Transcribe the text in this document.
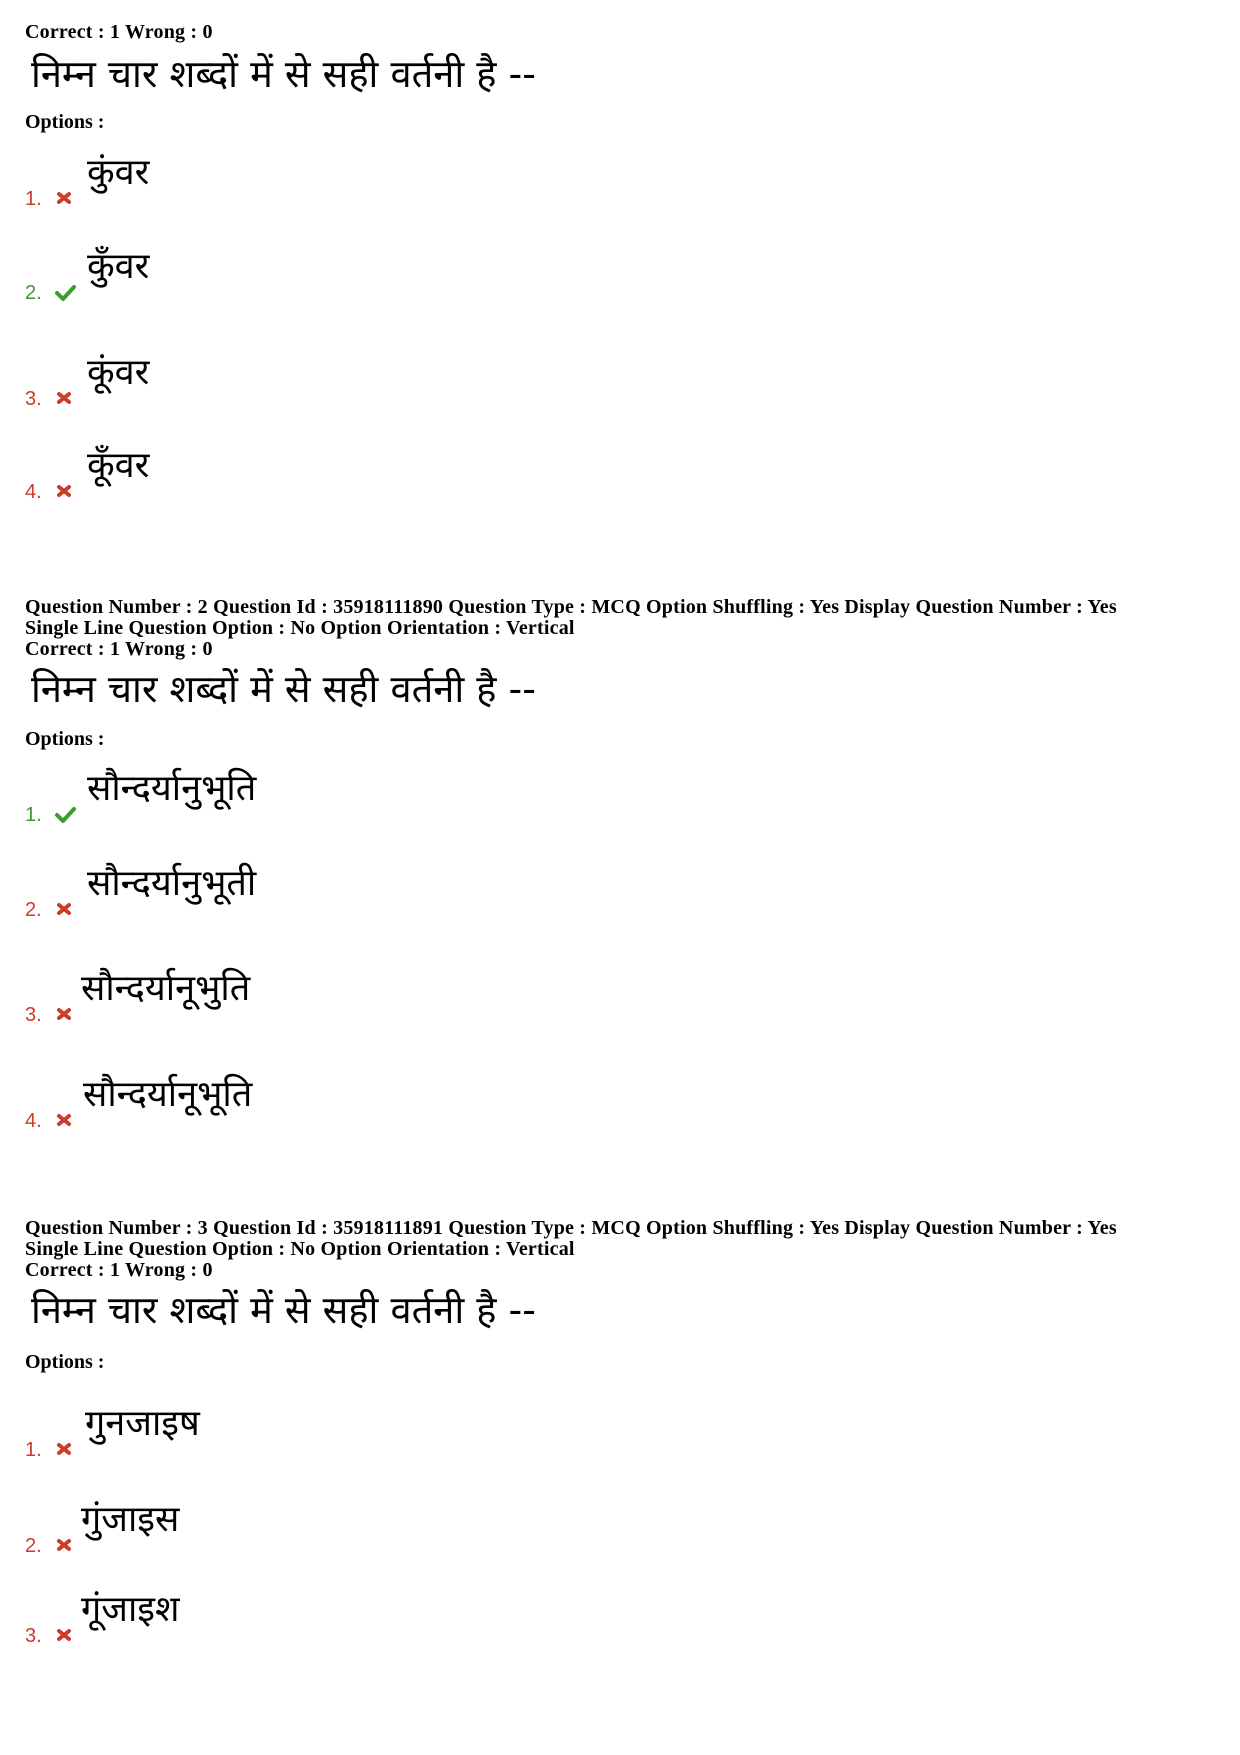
Correct : 1 Wrong : 0
निम्न चार शब्दों में से सही वर्तनी है --
Options :
1.
कुंवर
2.
कुँवर
3.
कूंवर
4.
कूँवर
Question Number : 2 Question Id : 35918111890 Question Type : MCQ Option Shuffling : Yes Display Question Number : Yes
Single Line Question Option : No Option Orientation : Vertical
Correct : 1 Wrong : 0
निम्न चार शब्दों में से सही वर्तनी है --
Options :
1.
सौन्दर्यानुभूति
2.
सौन्दर्यानुभूती
3.
सौन्दर्यानूभुति
4.
सौन्दर्यानूभूति
Question Number : 3 Question Id : 35918111891 Question Type : MCQ Option Shuffling : Yes Display Question Number : Yes
Single Line Question Option : No Option Orientation : Vertical
Correct : 1 Wrong : 0
निम्न चार शब्दों में से सही वर्तनी है --
Options :
1.
गुनजाइष
2.
गुंजाइस
3.
गूंजाइश
